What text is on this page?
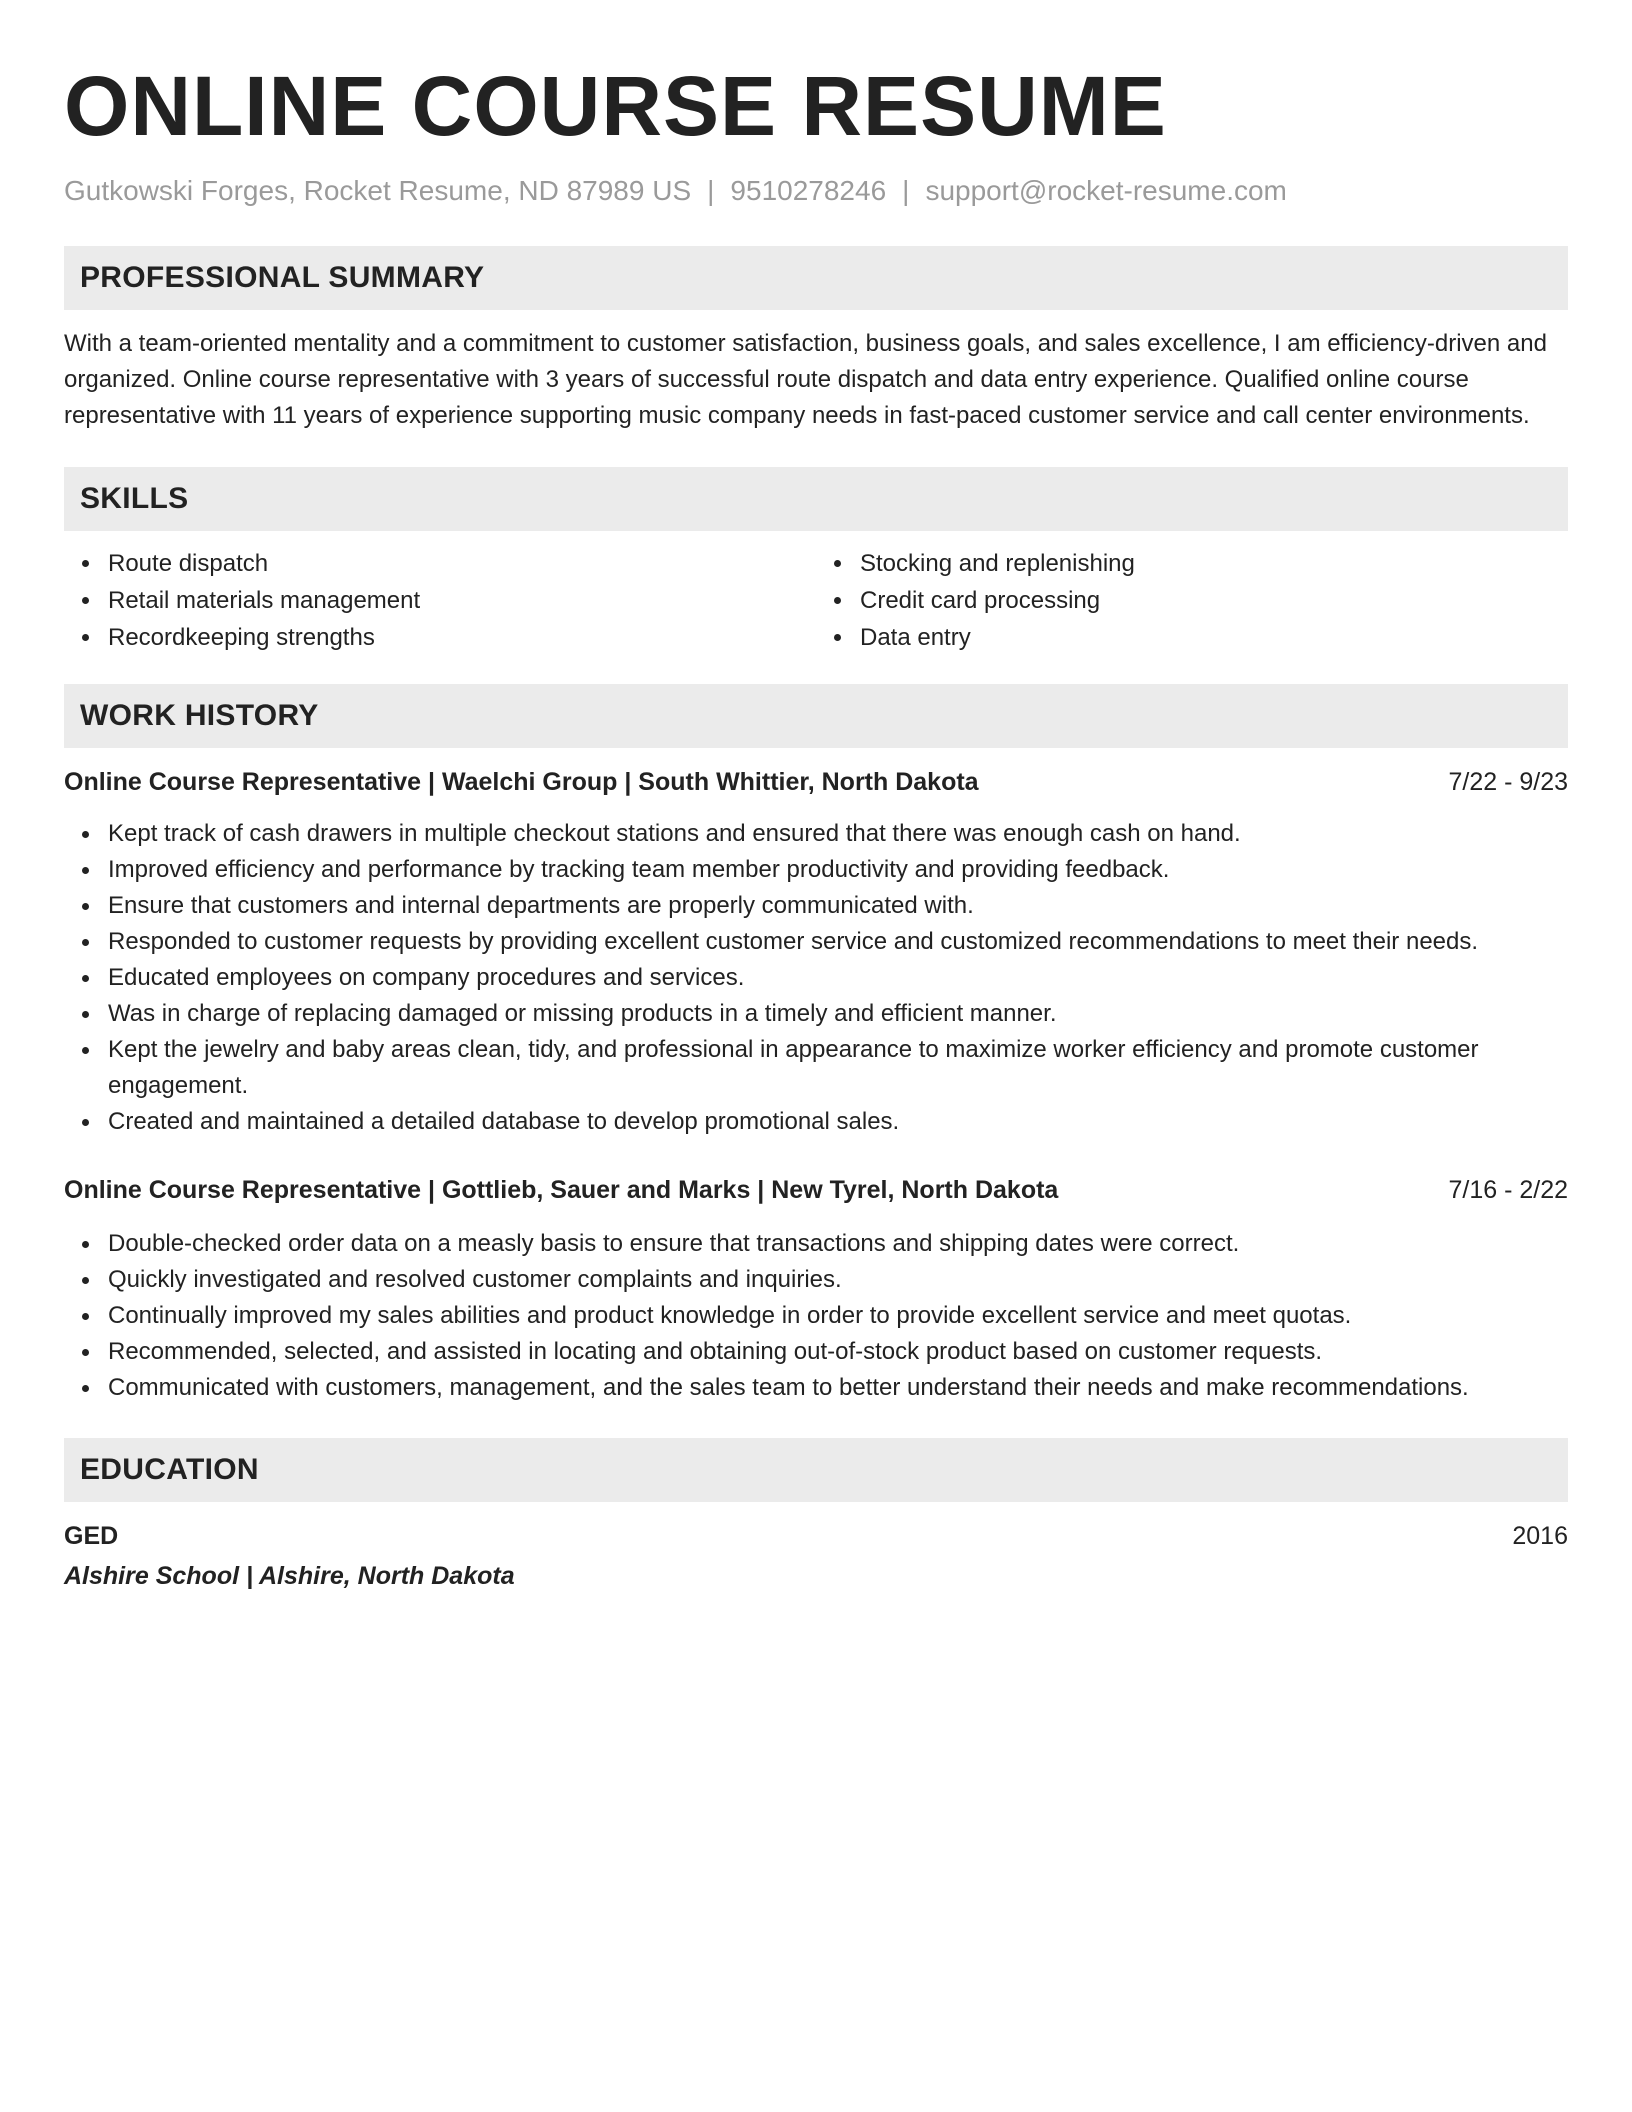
ONLINE COURSE RESUME
Gutkowski Forges, Rocket Resume, ND 87989 US | 9510278246 | support@rocket-resume.com
PROFESSIONAL SUMMARY

With a team-oriented mentality and a commitment to customer satisfaction, business goals, and sales excellence, I am efficiency-driven and organized. Online course representative with 3 years of successful route dispatch and data entry experience. Qualified online course representative with 11 years of experience supporting music company needs in fast-paced customer service and call center environments.

SKILLS
Route dispatch
Retail materials management
Recordkeeping strengths
Stocking and replenishing
Credit card processing
Data entry
WORK HISTORY
Online Course Representative | Waelchi Group | South Whittier, North Dakota	7/22 - 9/23
Kept track of cash drawers in multiple checkout stations and ensured that there was enough cash on hand.
Improved efficiency and performance by tracking team member productivity and providing feedback.
Ensure that customers and internal departments are properly communicated with.
Responded to customer requests by providing excellent customer service and customized recommendations to meet their needs.
Educated employees on company procedures and services.
Was in charge of replacing damaged or missing products in a timely and efficient manner.
Kept the jewelry and baby areas clean, tidy, and professional in appearance to maximize worker efficiency and promote customer engagement.
Created and maintained a detailed database to develop promotional sales.
Online Course Representative | Gottlieb, Sauer and Marks | New Tyrel, North Dakota	7/16 - 2/22
Double-checked order data on a measly basis to ensure that transactions and shipping dates were correct.
Quickly investigated and resolved customer complaints and inquiries.
Continually improved my sales abilities and product knowledge in order to provide excellent service and meet quotas.
Recommended, selected, and assisted in locating and obtaining out-of-stock product based on customer requests.
Communicated with customers, management, and the sales team to better understand their needs and make recommendations.
EDUCATION
GED	2016
Alshire School | Alshire, North Dakota
